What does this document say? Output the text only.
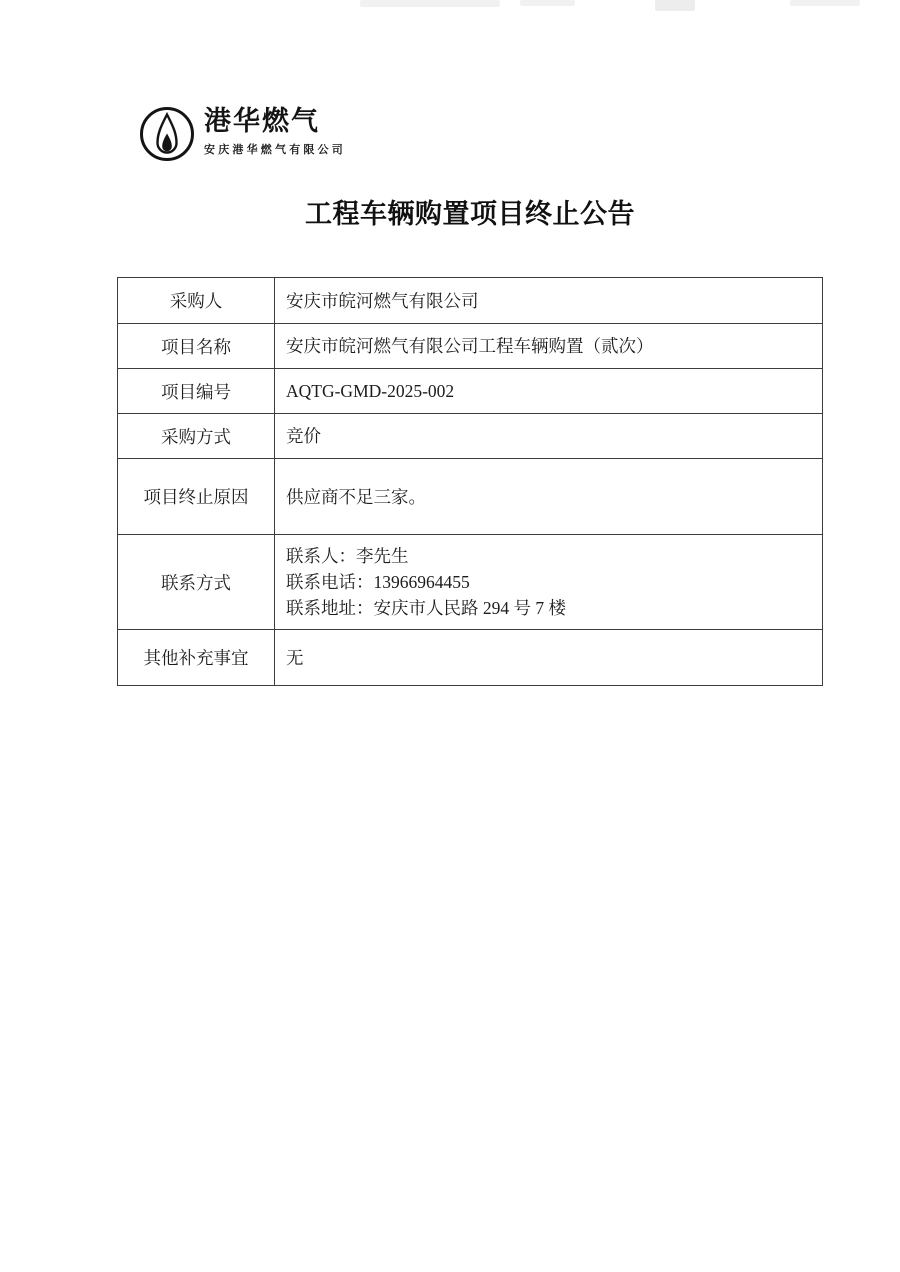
港华燃气
安庆港华燃气有限公司
工程车辆购置项目终止公告
采购人	安庆市皖河燃气有限公司
项目名称	安庆市皖河燃气有限公司工程车辆购置（贰次）
项目编号	AQTG-GMD-2025-002
采购方式	竞价
项目终止原因	供应商不足三家。
联系方式
联系人：李先生
联系电话：13966964455
联系地址：安庆市人民路 294 号 7 楼
其他补充事宜	无
